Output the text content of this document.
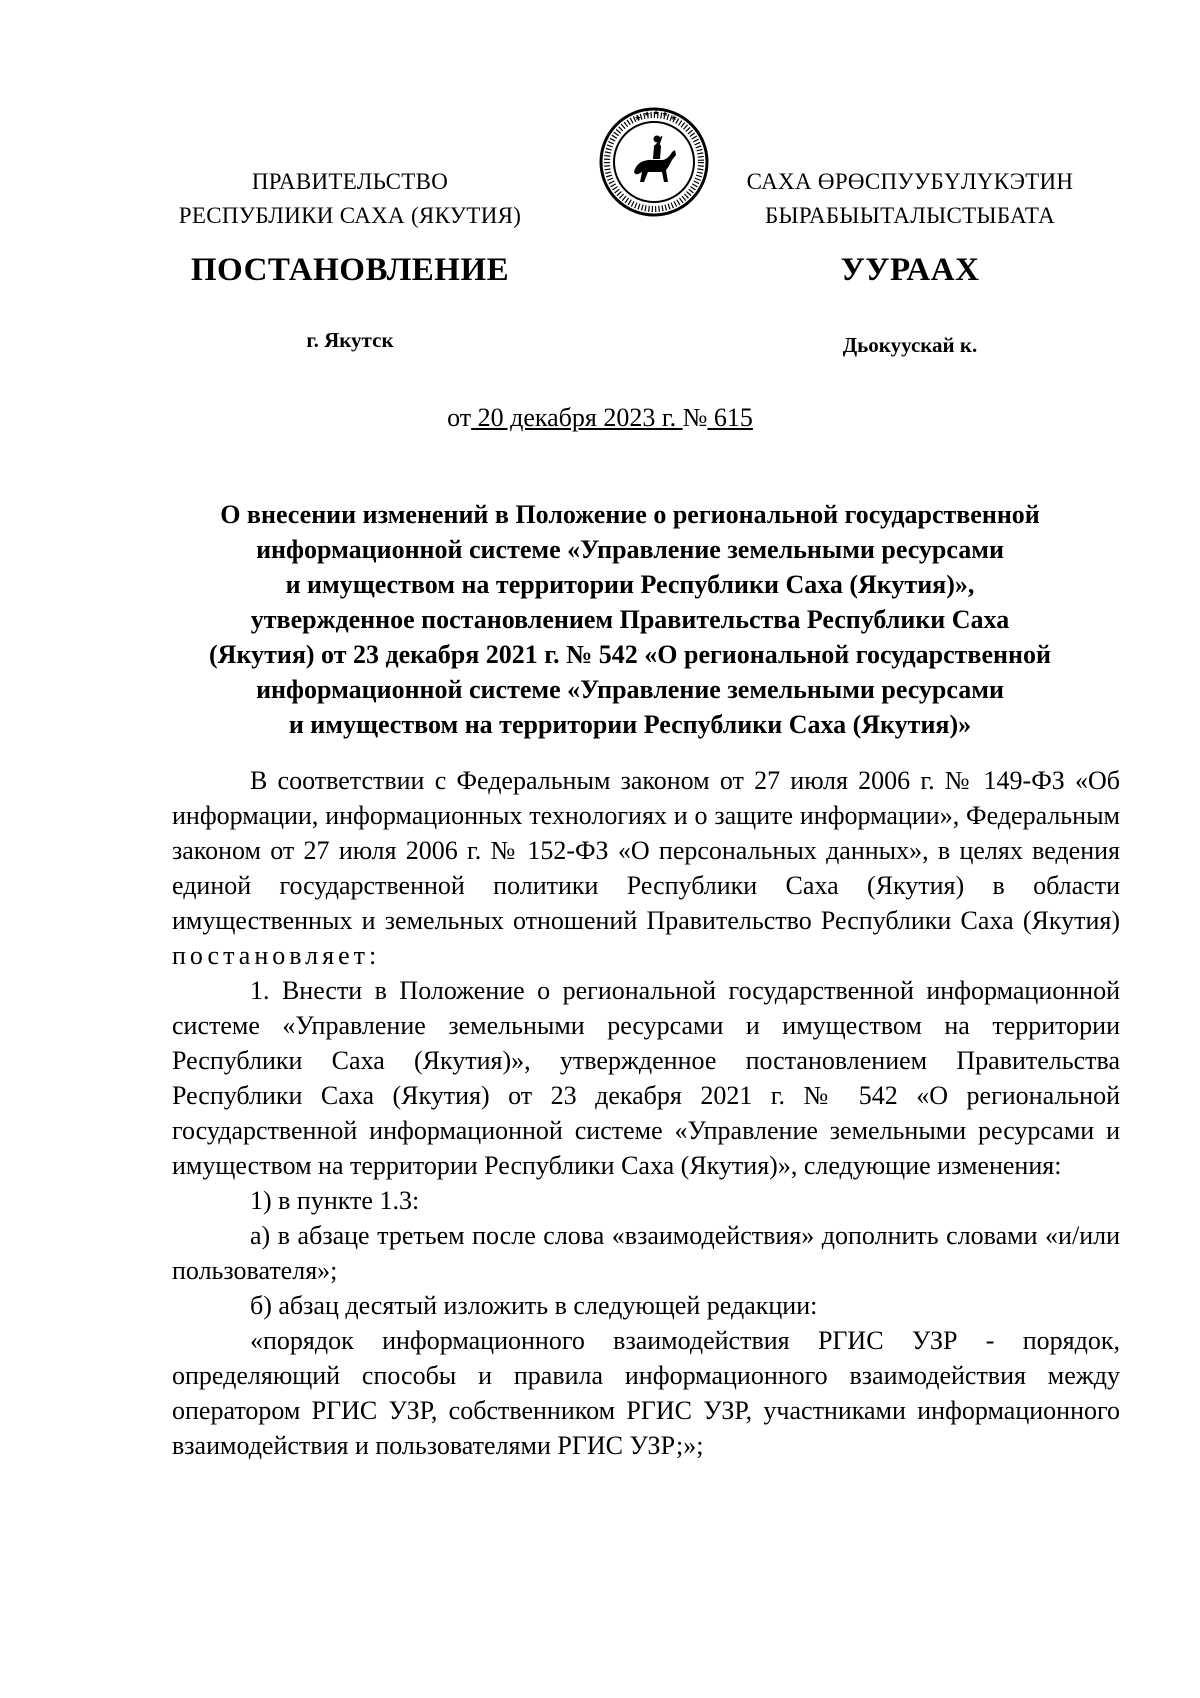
ПРАВИТЕЛЬСТВО
РЕСПУБЛИКИ САХА (ЯКУТИЯ)
САХА ӨРӨСПУУБҮЛҮКЭТИН
БЫРАБЫЫТАЛЫСТЫБАТА
ПОСТАНОВЛЕНИЕ	УУРААХ
г. Якутск	Дьокуускай к.
от 20 декабря 2023 г. № 615
О внесении изменений в Положение о региональной государственной
информационной системе «Управление земельными ресурсами
и имуществом на территории Республики Саха (Якутия)»,
утвержденное постановлением Правительства Республики Саха
(Якутия) от 23 декабря 2021 г. № 542 «О региональной государственной
информационной системе «Управление земельными ресурсами
и имуществом на территории Республики Саха (Якутия)»

В соответствии с Федеральным законом от 27 июля 2006 г. № 149-ФЗ «Об информации, информационных технологиях и о защите информации», Федеральным законом от 27 июля 2006 г. № 152-ФЗ «О персональных данных», в целях ведения единой государственной политики Республики Саха (Якутия) в области имущественных и земельных отношений Правительство Республики Саха (Якутия) постановляет:

1. Внести в Положение о региональной государственной информационной системе «Управление земельными ресурсами и имуществом на территории Республики Саха (Якутия)», утвержденное постановлением Правительства Республики Саха (Якутия) от 23 декабря 2021 г. № 542 «О региональной государственной информационной системе «Управление земельными ресурсами и имуществом на территории Республики Саха (Якутия)», следующие изменения:

1) в пункте 1.3:

а) в абзаце третьем после слова «взаимодействия» дополнить словами «и/или пользователя»;

б) абзац десятый изложить в следующей редакции:

«порядок информационного взаимодействия РГИС УЗР - порядок, определяющий способы и правила информационного взаимодействия между оператором РГИС УЗР, собственником РГИС УЗР, участниками информационного взаимодействия и пользователями РГИС УЗР;»;
